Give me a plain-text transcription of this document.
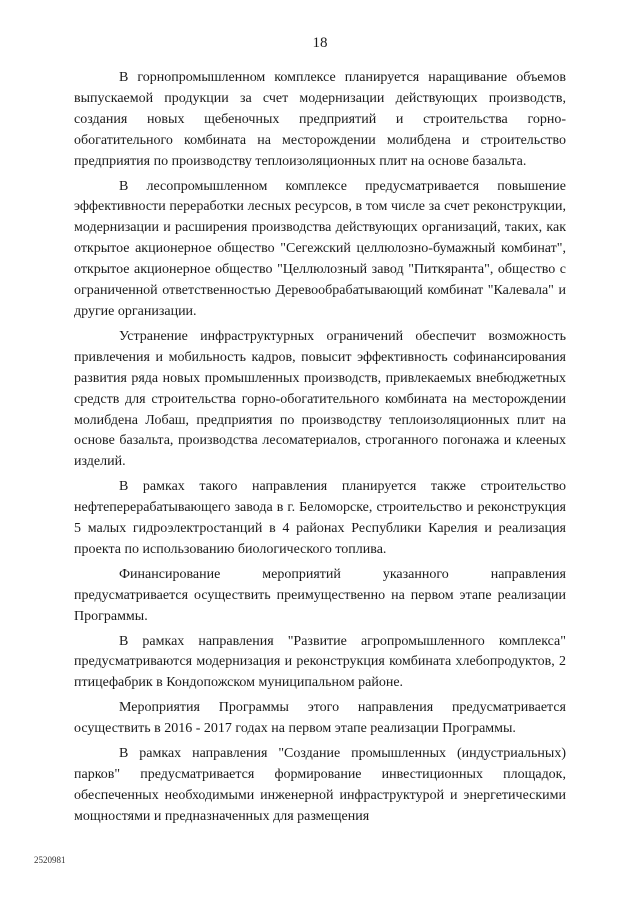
18

В горнопромышленном комплексе планируется наращивание объемов выпускаемой продукции за счет модернизации действующих производств, создания новых щебеночных предприятий и строительства горно-обогатительного комбината на месторождении молибдена и строительство предприятия по производству теплоизоляционных плит на основе базальта.

В лесопромышленном комплексе предусматривается повышение эффективности переработки лесных ресурсов, в том числе за счет реконструкции, модернизации и расширения производства действующих организаций, таких, как открытое акционерное общество "Сегежский целлюлозно-бумажный комбинат", открытое акционерное общество "Целлюлозный завод "Питкяранта", общество с ограниченной ответственностью Деревообрабатывающий комбинат "Калевала" и другие организации.

Устранение инфраструктурных ограничений обеспечит возможность привлечения и мобильность кадров, повысит эффективность софинансирования развития ряда новых промышленных производств, привлекаемых внебюджетных средств для строительства горно-обогатительного комбината на месторождении молибдена Лобаш, предприятия по производству теплоизоляционных плит на основе базальта, производства лесоматериалов, строганного погонажа и клееных изделий.

В рамках такого направления планируется также строительство нефтеперерабатывающего завода в г. Беломорске, строительство и реконструкция 5 малых гидроэлектростанций в 4 районах Республики Карелия и реализация проекта по использованию биологического топлива.

Финансирование мероприятий указанного направления предусматривается осуществить преимущественно на первом этапе реализации Программы.

В рамках направления "Развитие агропромышленного комплекса" предусматриваются модернизация и реконструкция комбината хлебопродуктов, 2 птицефабрик в Кондопожском муниципальном районе.

Мероприятия Программы этого направления предусматривается осуществить в 2016 - 2017 годах на первом этапе реализации Программы.

В рамках направления "Создание промышленных (индустриальных) парков" предусматривается формирование инвестиционных площадок, обеспеченных необходимыми инженерной инфраструктурой и энергетическими мощностями и предназначенных для размещения

2520981
